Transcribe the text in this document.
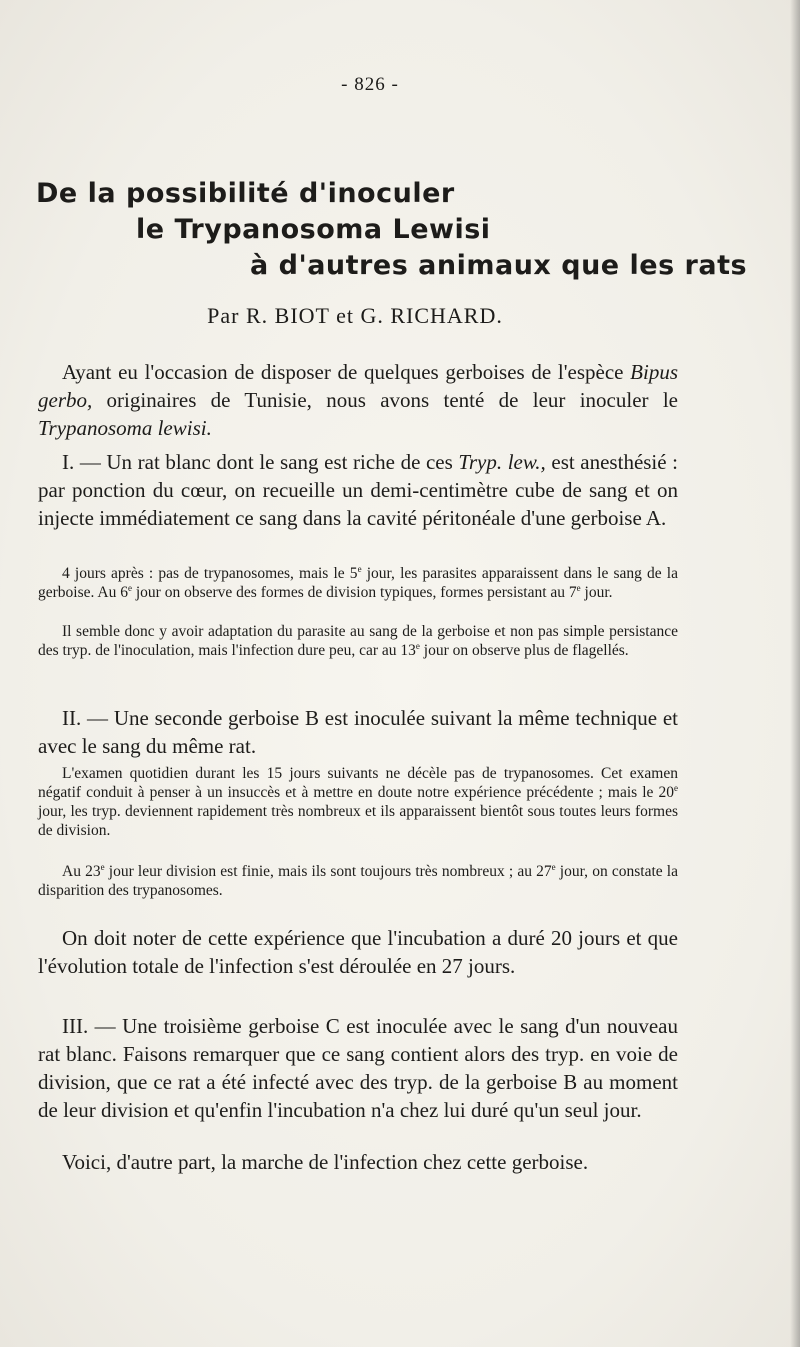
- 826 -
De la possibilité d'inoculer
le Trypanosoma Lewisi
à d'autres animaux que les rats
Par R. BIOT et G. RICHARD.

Ayant eu l'occasion de disposer de quelques gerboises de l'espèce Bipus gerbo, originaires de Tunisie, nous avons tenté de leur inoculer le Trypanosoma lewisi.

I. — Un rat blanc dont le sang est riche de ces Tryp. lew., est anesthésié : par ponction du cœur, on recueille un demi-centimètre cube de sang et on injecte immédiatement ce sang dans la cavité péritonéale d'une gerboise A.

4 jours après : pas de trypanosomes, mais le 5e jour, les parasites apparaissent dans le sang de la gerboise. Au 6e jour on observe des formes de division typiques, formes persistant au 7e jour.

Il semble donc y avoir adaptation du parasite au sang de la gerboise et non pas simple persistance des tryp. de l'inoculation, mais l'infection dure peu, car au 13e jour on observe plus de flagellés.

II. — Une seconde gerboise B est inoculée suivant la même technique et avec le sang du même rat.

L'examen quotidien durant les 15 jours suivants ne décèle pas de trypanosomes. Cet examen négatif conduit à penser à un insuccès et à mettre en doute notre expérience précédente ; mais le 20e jour, les tryp. deviennent rapidement très nombreux et ils apparaissent bientôt sous toutes leurs formes de division.

Au 23e jour leur division est finie, mais ils sont toujours très nombreux ; au 27e jour, on constate la disparition des trypanosomes.

On doit noter de cette expérience que l'incubation a duré 20 jours et que l'évolution totale de l'infection s'est déroulée en 27 jours.

III. — Une troisième gerboise C est inoculée avec le sang d'un nouveau rat blanc. Faisons remarquer que ce sang contient alors des tryp. en voie de division, que ce rat a été infecté avec des tryp. de la gerboise B au moment de leur division et qu'enfin l'incubation n'a chez lui duré qu'un seul jour.

Voici, d'autre part, la marche de l'infection chez cette gerboise.
